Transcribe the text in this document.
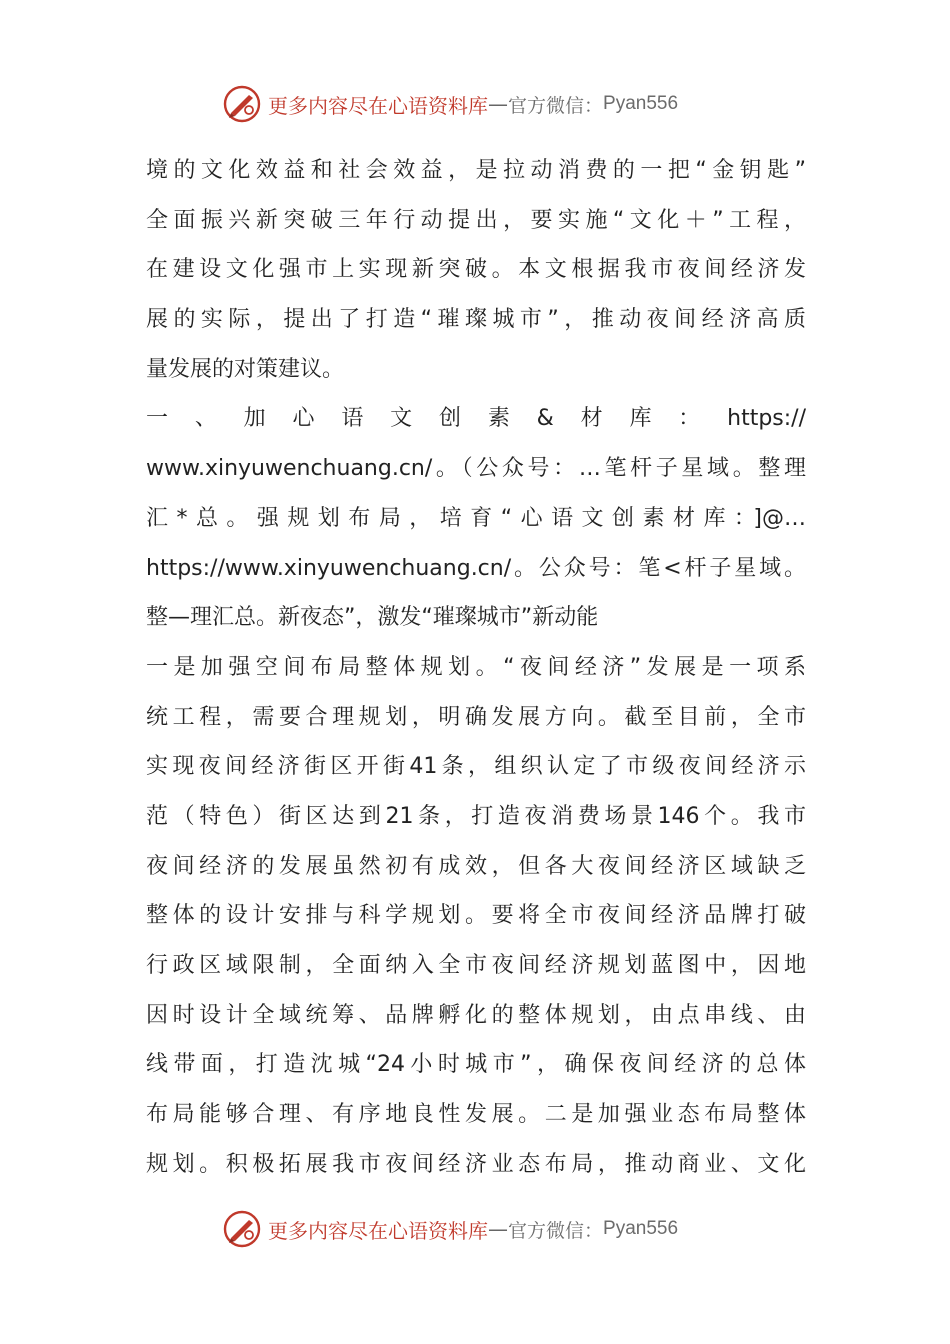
更多内容尽在心语资料库 — 官方微信： Pyan556
境的文化效益和社会效益，是拉动消费的一把“金钥匙”
全面振兴新突破三年行动提出，要实施“文化＋”工程，
在建设文化强市上实现新突破。本文根据我市夜间经济发
展的实际，提出了打造“璀璨城市”，推动夜间经济高质
量发展的对策建议。
一、加心语文创素&材库：https://
www.xinyuwenchuang.cn/。（公众号：…笔杆子星域。整理
汇*总。强规划布局，培育“心语文创素材库：]@…
https://www.xinyuwenchuang.cn/。公众号：笔<杆子星域。
整—理汇总。新夜态”，激发“璀璨城市”新动能
一是加强空间布局整体规划。“夜间经济”发展是一项系
统工程，需要合理规划，明确发展方向。截至目前，全市
实现夜间经济街区开街41条，组织认定了市级夜间经济示
范（特色）街区达到21条，打造夜消费场景146个。我市
夜间经济的发展虽然初有成效，但各大夜间经济区域缺乏
整体的设计安排与科学规划。要将全市夜间经济品牌打破
行政区域限制，全面纳入全市夜间经济规划蓝图中，因地
因时设计全域统筹、品牌孵化的整体规划，由点串线、由
线带面，打造沈城“24小时城市”，确保夜间经济的总体
布局能够合理、有序地良性发展。二是加强业态布局整体
规划。积极拓展我市夜间经济业态布局，推动商业、文化
更多内容尽在心语资料库 — 官方微信： Pyan556
